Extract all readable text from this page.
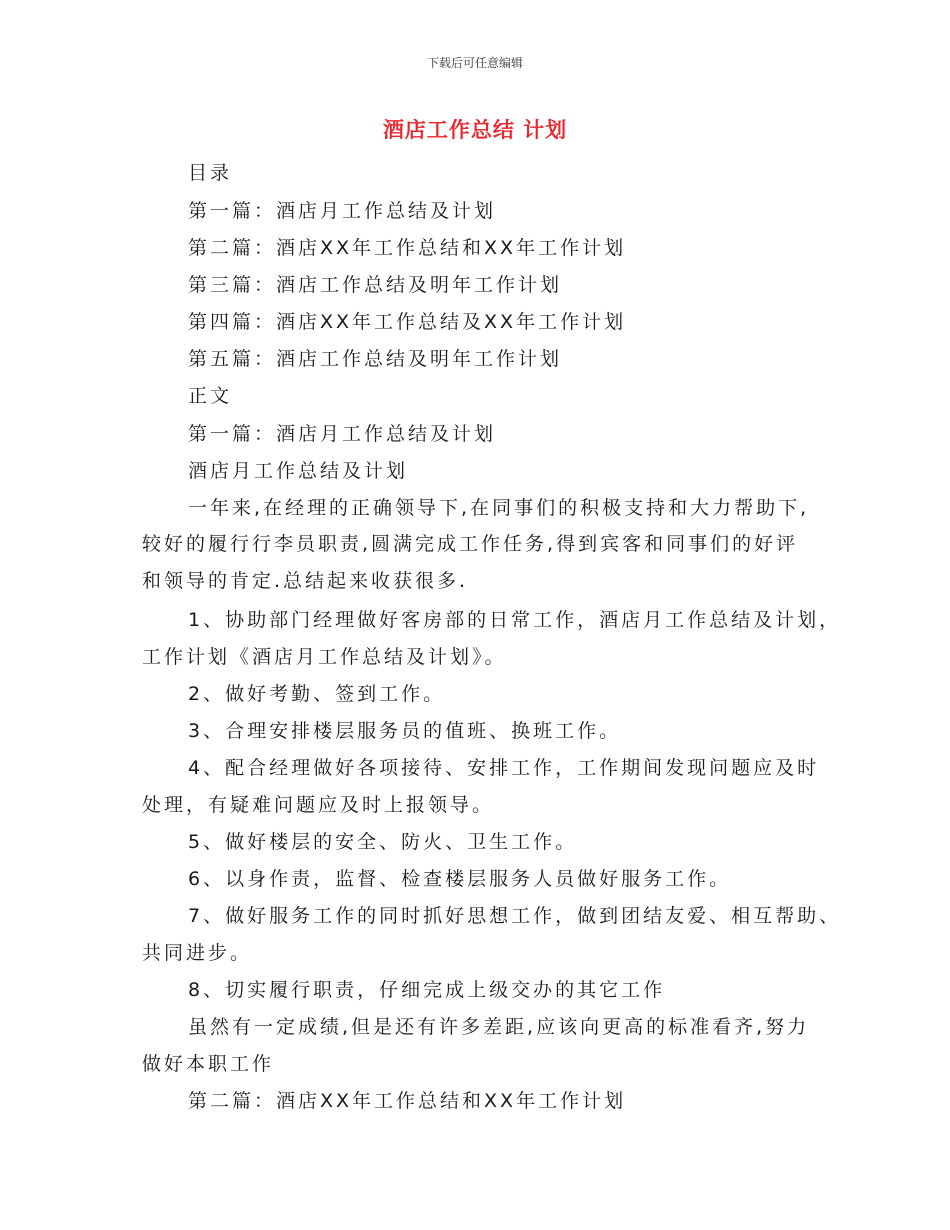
下载后可任意编辑
酒店工作总结 计划
目录
第一篇：酒店月工作总结及计划
第二篇：酒店XX年工作总结和XX年工作计划
第三篇：酒店工作总结及明年工作计划
第四篇：酒店XX年工作总结及XX年工作计划
第五篇：酒店工作总结及明年工作计划
正文
第一篇：酒店月工作总结及计划
酒店月工作总结及计划
一年来,在经理的正确领导下,在同事们的积极支持和大力帮助下,
较好的履行行李员职责,圆满完成工作任务,得到宾客和同事们的好评
和领导的肯定.总结起来收获很多.
1、协助部门经理做好客房部的日常工作，酒店月工作总结及计划，
工作计划《酒店月工作总结及计划》。
2、做好考勤、签到工作。
3、合理安排楼层服务员的值班、换班工作。
4、配合经理做好各项接待、安排工作，工作期间发现问题应及时
处理，有疑难问题应及时上报领导。
5、做好楼层的安全、防火、卫生工作。
6、以身作责，监督、检查楼层服务人员做好服务工作。
7、做好服务工作的同时抓好思想工作，做到团结友爱、相互帮助、
共同进步。
8、切实履行职责，仔细完成上级交办的其它工作
虽然有一定成绩,但是还有许多差距,应该向更高的标准看齐,努力
做好本职工作
第二篇：酒店XX年工作总结和XX年工作计划
